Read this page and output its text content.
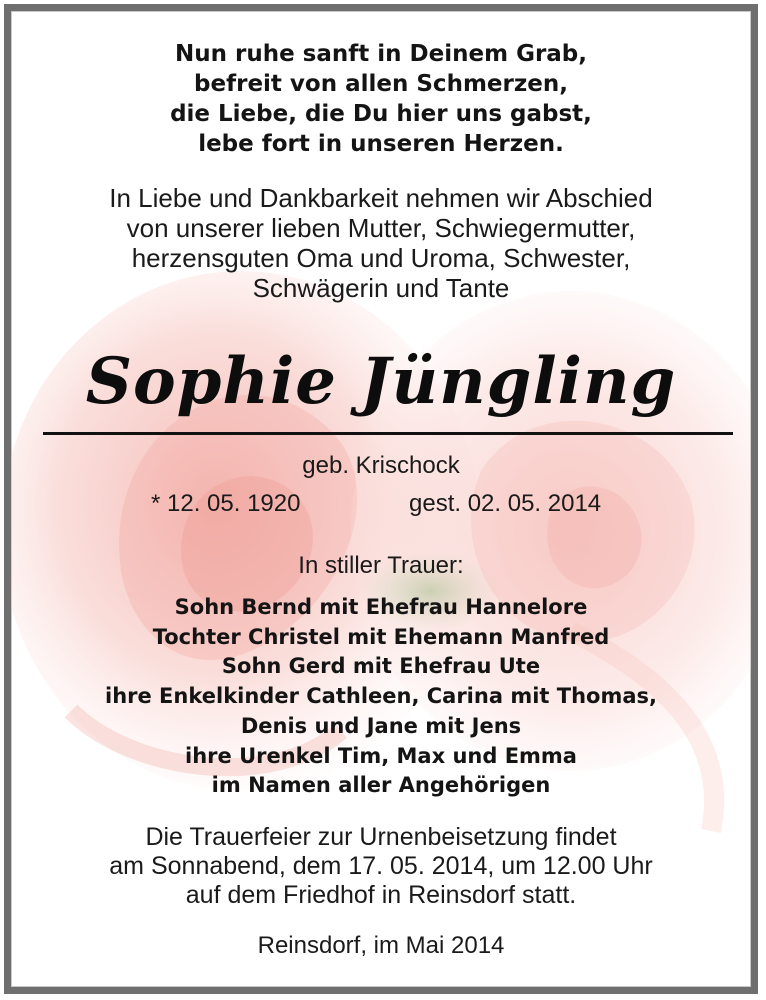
Nun ruhe sanft in Deinem Grab,
befreit von allen Schmerzen,
die Liebe, die Du hier uns gabst,
lebe fort in unseren Herzen.
In Liebe und Dankbarkeit nehmen wir Abschied
von unserer lieben Mutter, Schwiegermutter,
herzensguten Oma und Uroma, Schwester,
Schwägerin und Tante
Sophie Jüngling
geb. Krischock
* 12. 05. 1920	gest. 02. 05. 2014
In stiller Trauer:
Sohn Bernd mit Ehefrau Hannelore
Tochter Christel mit Ehemann Manfred
Sohn Gerd mit Ehefrau Ute
ihre Enkelkinder Cathleen, Carina mit Thomas,
Denis und Jane mit Jens
ihre Urenkel Tim, Max und Emma
im Namen aller Angehörigen
Die Trauerfeier zur Urnenbeisetzung findet
am Sonnabend, dem 17. 05. 2014, um 12.00 Uhr
auf dem Friedhof in Reinsdorf statt.
Reinsdorf, im Mai 2014
